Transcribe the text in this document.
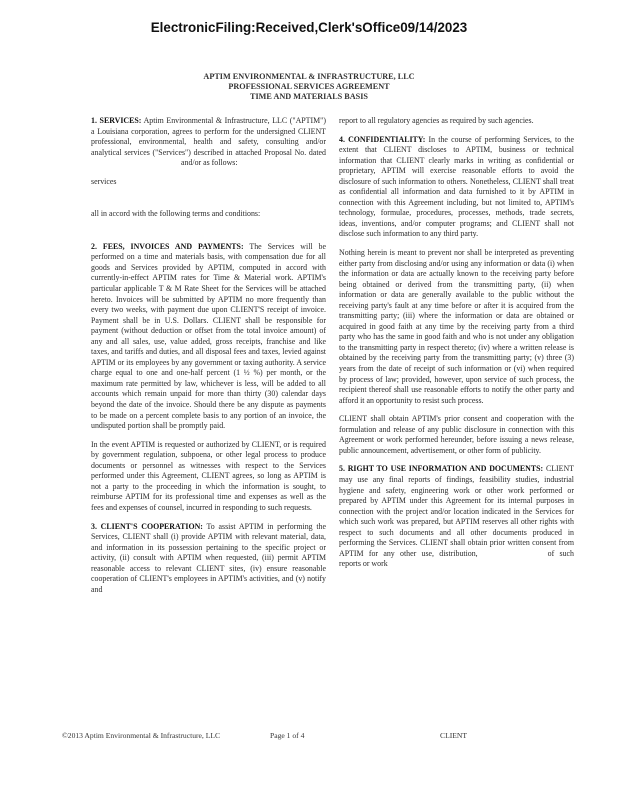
ElectronicFiling:Received,Clerk'sOffice09/14/2023
APTIM ENVIRONMENTAL & INFRASTRUCTURE, LLC
PROFESSIONAL SERVICES AGREEMENT
TIME AND MATERIALS BASIS

1. SERVICES: Aptim Environmental & Infrastructure, LLC ("APTIM") a Louisiana corporation, agrees to perform for the undersigned CLIENT professional, environmental, health and safety, consulting and/or analytical services ("Services") described in attached Proposal No. datedand/or as follows:

services

all in accord with the following terms and conditions:

2. FEES, INVOICES AND PAYMENTS: The Services will be performed on a time and materials basis, with compensation due for all goods and Services provided by APTIM, computed in accord with currently-in-effect APTIM rates for Time & Material work. APTIM's particular applicable T & M Rate Sheet for the Services will be attached hereto. Invoices will be submitted by APTIM no more frequently than every two weeks, with payment due upon CLIENT'S receipt of invoice. Payment shall be in U.S. Dollars. CLIENT shall be responsible for payment (without deduction or offset from the total invoice amount) of any and all sales, use, value added, gross receipts, franchise and like taxes, and tariffs and duties, and all disposal fees and taxes, levied against APTIM or its employees by any government or taxing authority. A service charge equal to one and one-half percent (1 ½ %) per month, or the maximum rate permitted by law, whichever is less, will be added to all accounts which remain unpaid for more than thirty (30) calendar days beyond the date of the invoice. Should there be any dispute as payments to be made on a percent complete basis to any portion of an invoice, the undisputed portion shall be promptly paid.

In the event APTIM is requested or authorized by CLIENT, or is required by government regulation, subpoena, or other legal process to produce documents or personnel as witnesses with respect to the Services performed under this Agreement, CLIENT agrees, so long as APTIM is not a party to the proceeding in which the information is sought, to reimburse APTIM for its professional time and expenses as well as the fees and expenses of counsel, incurred in responding to such requests.

3. CLIENT'S COOPERATION: To assist APTIM in performing the Services, CLIENT shall (i) provide APTIM with relevant material, data, and information in its possession pertaining to the specific project or activity, (ii) consult with APTIM when requested, (iii) permit APTIM reasonable access to relevant CLIENT sites, (iv) ensure reasonable cooperation of CLIENT's employees in APTIM's activities, and (v) notify and

report to all regulatory agencies as required by such agencies.

4. CONFIDENTIALITY: In the course of performing Services, to the extent that CLIENT discloses to APTIM, business or technical information that CLIENT clearly marks in writing as confidential or proprietary, APTIM will exercise reasonable efforts to avoid the disclosure of such information to others. Nonetheless, CLIENT shall treat as confidential all information and data furnished to it by APTIM in connection with this Agreement including, but not limited to, APTIM's technology, formulae, procedures, processes, methods, trade secrets, ideas, inventions, and/or computer programs; and CLIENT shall not disclose such information to any third party.

Nothing herein is meant to prevent nor shall be interpreted as preventing either party from disclosing and/or using any information or data (i) when the information or data are actually known to the receiving party before being obtained or derived from the transmitting party, (ii) when information or data are generally available to the public without the receiving party's fault at any time before or after it is acquired from the transmitting party; (iii) where the information or data are obtained or acquired in good faith at any time by the receiving party from a third party who has the same in good faith and who is not under any obligation to the transmitting party in respect thereto; (iv) where a written release is obtained by the receiving party from the transmitting party; (v) three (3) years from the date of receipt of such information or (vi) when required by process of law; provided, however, upon service of such process, the recipient thereof shall use reasonable efforts to notify the other party and afford it an opportunity to resist such process.

CLIENT shall obtain APTIM's prior consent and cooperation with the formulation and release of any public disclosure in connection with this Agreement or work performed hereunder, before issuing a news release, public announcement, advertisement, or other form of publicity.

5. RIGHT TO USE INFORMATION AND DOCUMENTS: CLIENT may use any final reports of findings, feasibility studies, industrial hygiene and safety, engineering work or other work performed or prepared by APTIM under this Agreement for its internal purposes in connection with the project and/or location indicated in the Services for which such work was prepared, but APTIM reserves all other rights with respect to such documents and all other documents produced in performing the Services. CLIENT shall obtain prior written consent from APTIM for any other use, distribution,	of such reports or work

©2013 Aptim Environmental & Infrastructure, LLC	Page 1 of 4	CLIENT
